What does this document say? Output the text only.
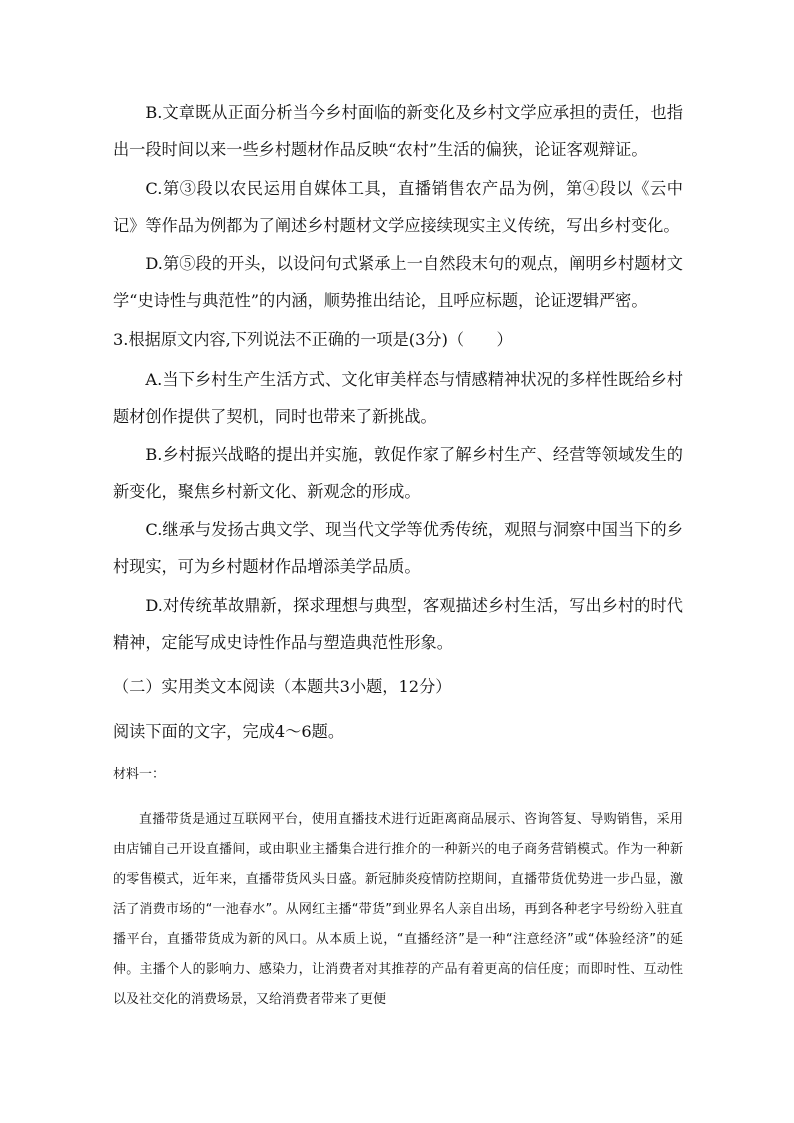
B.文章既从正面分析当今乡村面临的新变化及乡村文学应承担的责任，也指出一段时间以来一些乡村题材作品反映“农村”生活的偏狭，论证客观辩证。

C.第③段以农民运用自媒体工具，直播销售农产品为例，第④段以《云中记》等作品为例都为了阐述乡村题材文学应接续现实主义传统，写出乡村变化。

D.第⑤段的开头，以设问句式紧承上一自然段末句的观点，阐明乡村题材文学“史诗性与典范性”的内涵，顺势推出结论，且呼应标题，论证逻辑严密。

3.根据原文内容,下列说法不正确的一项是(3分)（　　）

A.当下乡村生产生活方式、文化审美样态与情感精神状况的多样性既给乡村题材创作提供了契机，同时也带来了新挑战。

B.乡村振兴战略的提出并实施，敦促作家了解乡村生产、经营等领域发生的新变化，聚焦乡村新文化、新观念的形成。

C.继承与发扬古典文学、现当代文学等优秀传统，观照与洞察中国当下的乡村现实，可为乡村题材作品增添美学品质。

D.对传统革故鼎新，探求理想与典型，客观描述乡村生活，写出乡村的时代精神，定能写成史诗性作品与塑造典范性形象。

（二）实用类文本阅读（本题共3小题，12分）

阅读下面的文字，完成4～6题。

材料一：

直播带货是通过互联网平台，使用直播技术进行近距离商品展示、咨询答复、导购销售，采用由店铺自己开设直播间，或由职业主播集合进行推介的一种新兴的电子商务营销模式。作为一种新的零售模式，近年来，直播带货风头日盛。新冠肺炎疫情防控期间，直播带货优势进一步凸显，激活了消费市场的“一池春水”。从网红主播“带货”到业界名人亲自出场，再到各种老字号纷纷入驻直播平台，直播带货成为新的风口。从本质上说，“直播经济”是一种“注意经济”或“体验经济”的延伸。主播个人的影响力、感染力，让消费者对其推荐的产品有着更高的信任度；而即时性、互动性以及社交化的消费场景，又给消费者带来了更便
